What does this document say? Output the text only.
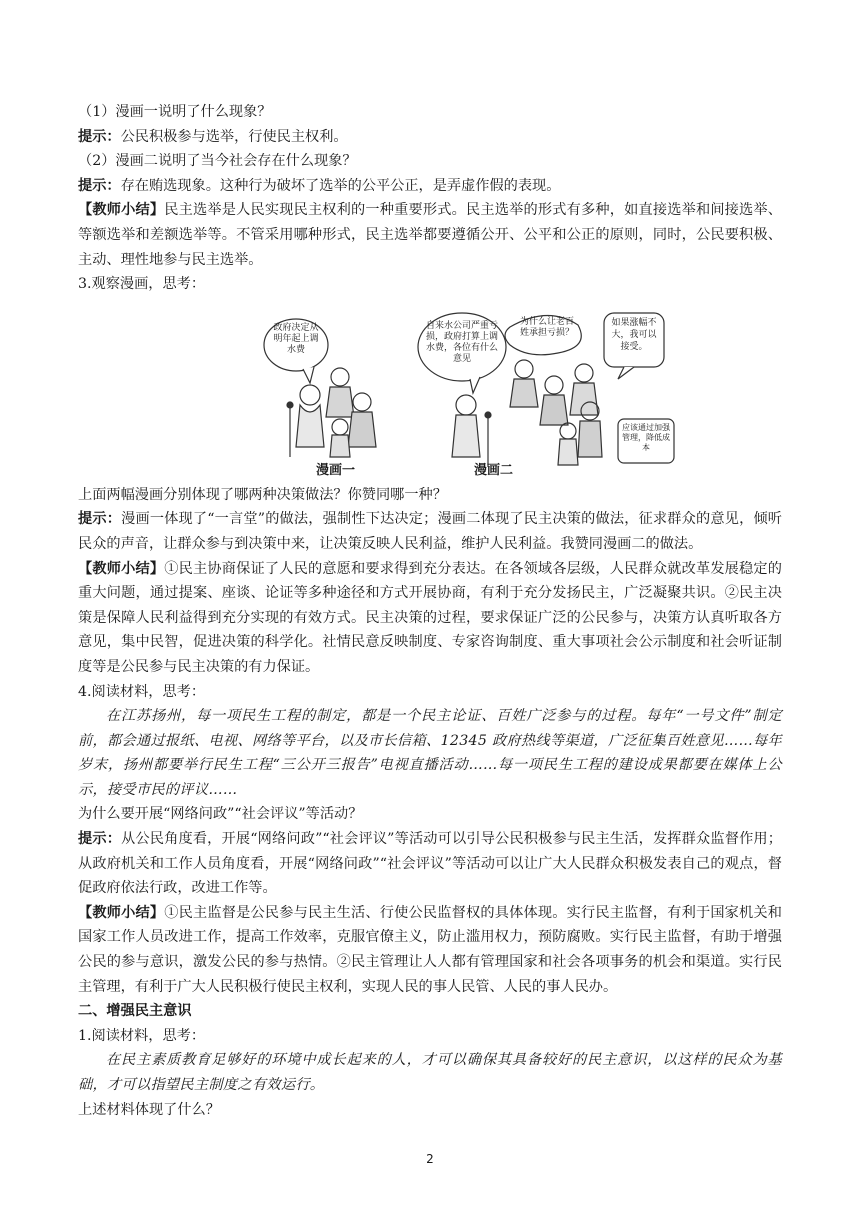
（1）漫画一说明了什么现象？

提示：公民积极参与选举，行使民主权利。

（2）漫画二说明了当今社会存在什么现象？

提示：存在贿选现象。这种行为破坏了选举的公平公正，是弄虚作假的表现。

【教师小结】民主选举是人民实现民主权利的一种重要形式。民主选举的形式有多种，如直接选举和间接选举、等额选举和差额选举等。不管采用哪种形式，民主选举都要遵循公开、公平和公正的原则，同时，公民要积极、主动、理性地参与民主选举。

3.观察漫画，思考：

政府决定从明年起上调水费
自来水公司严重亏损，政府打算上调水费，各位有什么意见
为什么让老百姓承担亏损？
如果涨幅不大，我可以接受。
应该通过加强管理，降低成本
漫画一	漫画二

上面两幅漫画分别体现了哪两种决策做法？你赞同哪一种？

提示：漫画一体现了“一言堂”的做法，强制性下达决定；漫画二体现了民主决策的做法，征求群众的意见，倾听民众的声音，让群众参与到决策中来，让决策反映人民利益，维护人民利益。我赞同漫画二的做法。

【教师小结】①民主协商保证了人民的意愿和要求得到充分表达。在各领域各层级，人民群众就改革发展稳定的重大问题，通过提案、座谈、论证等多种途径和方式开展协商，有利于充分发扬民主，广泛凝聚共识。②民主决策是保障人民利益得到充分实现的有效方式。民主决策的过程，要求保证广泛的公民参与，决策方认真听取各方意见，集中民智，促进决策的科学化。社情民意反映制度、专家咨询制度、重大事项社会公示制度和社会听证制度等是公民参与民主决策的有力保证。

4.阅读材料，思考：

在江苏扬州，每一项民生工程的制定，都是一个民主论证、百姓广泛参与的过程。每年“一号文件”制定前，都会通过报纸、电视、网络等平台，以及市长信箱、12345 政府热线等渠道，广泛征集百姓意见……每年岁末，扬州都要举行民生工程“三公开三报告”电视直播活动……每一项民生工程的建设成果都要在媒体上公示，接受市民的评议……

为什么要开展“网络问政”“社会评议”等活动？

提示：从公民角度看，开展“网络问政”“社会评议”等活动可以引导公民积极参与民主生活，发挥群众监督作用；从政府机关和工作人员角度看，开展“网络问政”“社会评议”等活动可以让广大人民群众积极发表自己的观点，督促政府依法行政，改进工作等。

【教师小结】①民主监督是公民参与民主生活、行使公民监督权的具体体现。实行民主监督，有利于国家机关和国家工作人员改进工作，提高工作效率，克服官僚主义，防止滥用权力，预防腐败。实行民主监督，有助于增强公民的参与意识，激发公民的参与热情。②民主管理让人人都有管理国家和社会各项事务的机会和渠道。实行民主管理，有利于广大人民积极行使民主权利，实现人民的事人民管、人民的事人民办。

二、增强民主意识

1.阅读材料，思考：

在民主素质教育足够好的环境中成长起来的人，才可以确保其具备较好的民主意识，以这样的民众为基础，才可以指望民主制度之有效运行。

上述材料体现了什么？

2
